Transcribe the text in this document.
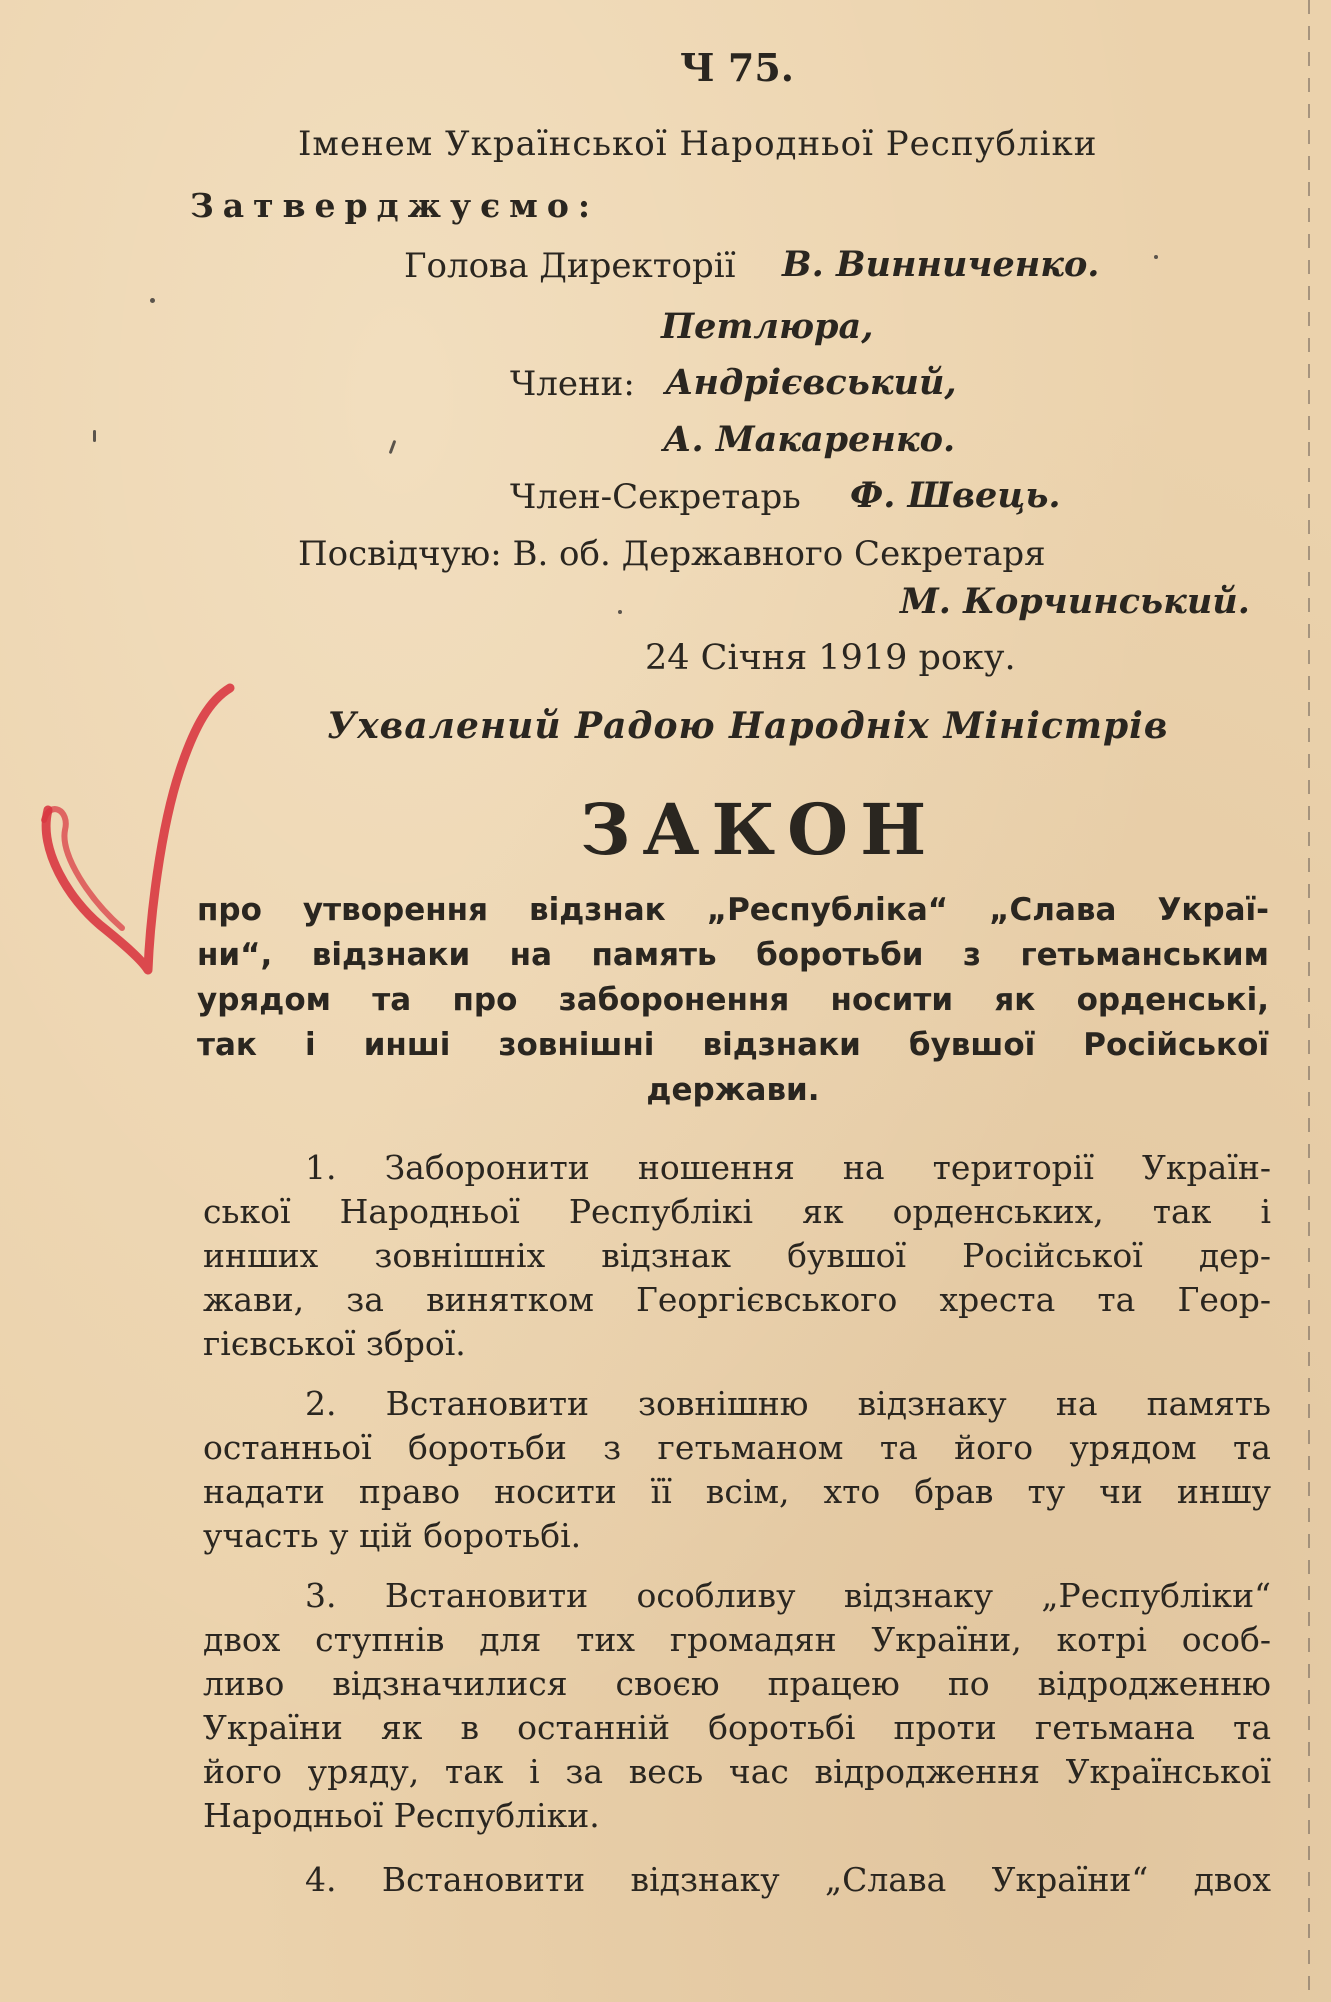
Ч 75.
Іменем Української Народньої Республіки
Затверджуємо:
Голова Директорії В. Винниченко.
Петлюра,
Члени: Андрієвський,
А. Макаренко.
Член-Секретарь Ф. Швець.
Посвідчую: В. об. Державного Секретаря
М. Корчинський.
24 Січня 1919 року.
Ухвалений Радою Народніх Міністрів
ЗАКОН
про утворення відзнак „Республіка“ „Слава Украї-
ни“, відзнаки на память боротьби з гетьманським
урядом та про заборонення носити як орденські,
так і инші зовнішні відзнаки бувшої Російської
держави.
1. Заборонити ношення на території Україн-
ської Народньої Республікі як орденських, так і
инших зовнішніх відзнак бувшої Російської дер-
жави, за винятком Георгієвського хреста та Геор-
гієвської зброї.
2. Встановити зовнішню відзнаку на память
останньої боротьби з гетьманом та його урядом та
надати право носити її всім, хто брав ту чи иншу
участь у цій боротьбі.
3. Встановити особливу відзнаку „Республіки“
двох ступнів для тих громадян України, котрі особ-
ливо відзначилися своєю працею по відродженню
України як в останній боротьбі проти гетьмана та
його уряду, так і за весь час відродження Української
Народньої Республіки.
4. Встановити відзнаку „Слава України“ двох
